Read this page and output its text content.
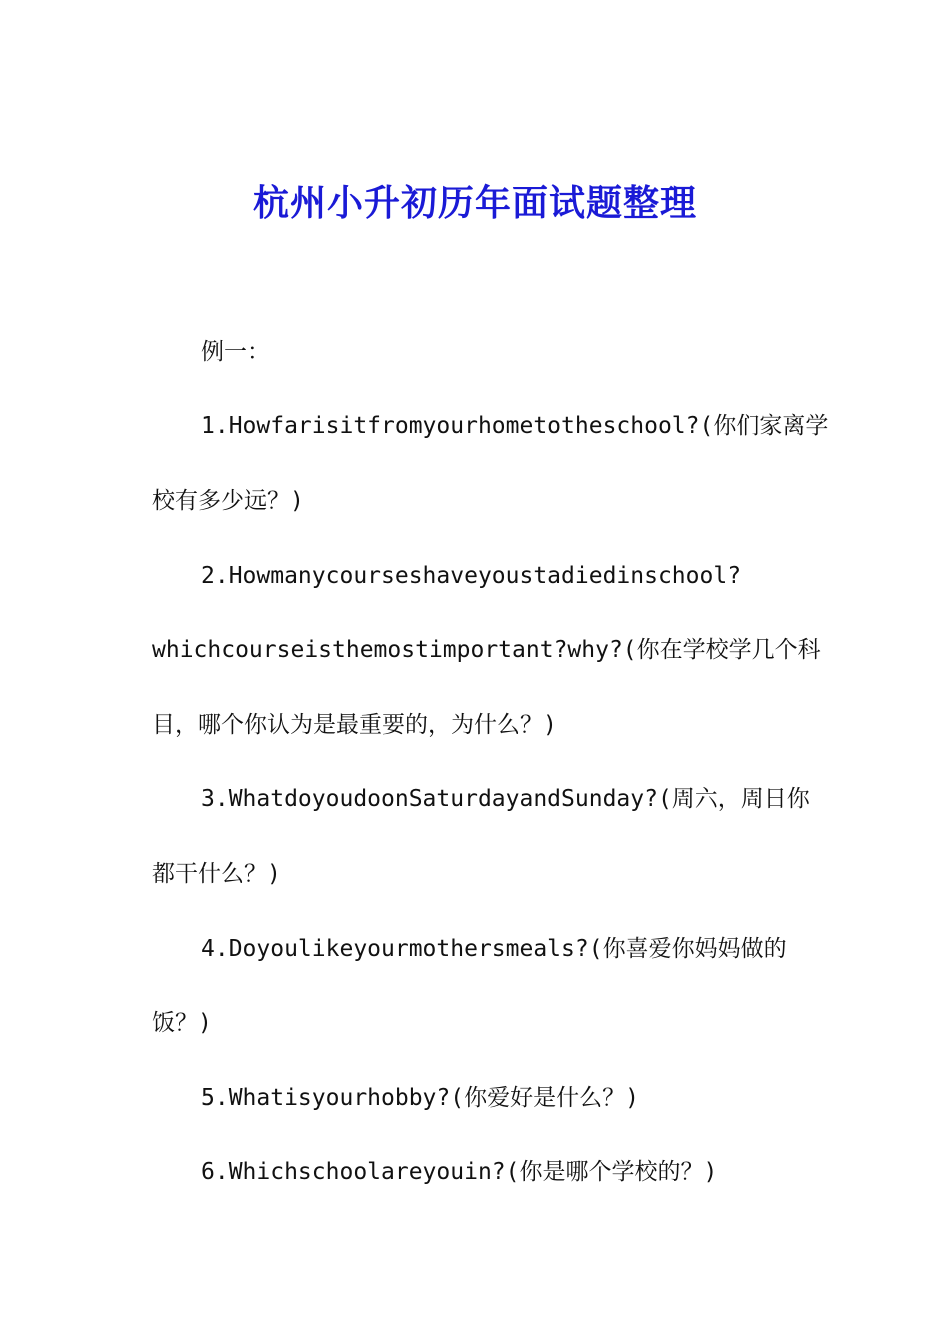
杭州小升初历年面试题整理
例一：
1.Howfarisitfromyourhometotheschool?(你们家离学
校有多少远？)
2.Howmanycourseshaveyoustadiedinschool?
whichcourseisthemostimportant?why?(你在学校学几个科
目，哪个你认为是最重要的，为什么？)
3.WhatdoyoudoonSaturdayandSunday?(周六，周日你
都干什么？)
4.Doyoulikeyourmothersmeals?(你喜爱你妈妈做的
饭？)
5.Whatisyourhobby?(你爱好是什么？)
6.Whichschoolareyouin?(你是哪个学校的？)
